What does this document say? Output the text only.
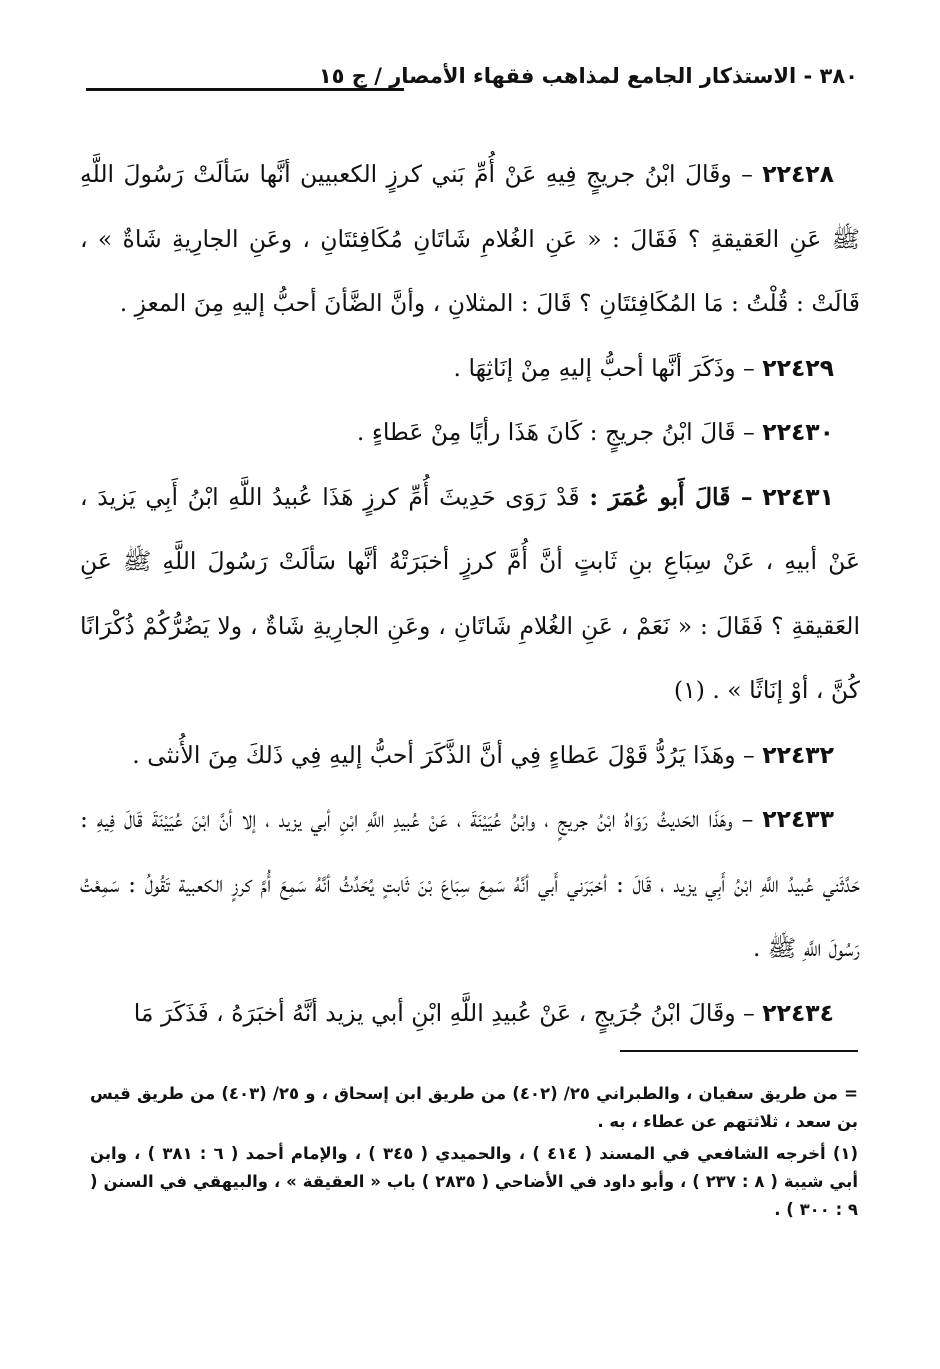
٣٨٠ - الاستذكار الجامع لمذاهب فقهاء الأمصار / ج ١٥

٢٢٤٢٨ – وقَالَ ابْنُ جريجٍ فِيهِ عَنْ أُمِّ بَني كرزٍ الكعبيين أنَّها سَألَتْ رَسُولَ اللَّهِ ﷺ عَنِ العَقيقةِ ؟ فَقَالَ : « عَنِ الغُلامِ شَاتَانِ مُكَافِئتَانِ ، وعَنِ الجارِيةِ شَاةٌ » ، قَالَتْ : قُلْتُ : مَا المُكَافِئتَانِ ؟ قَالَ : المثلانِ ، وأنَّ الضَّأنَ أحبُّ إليهِ مِنَ المعزِ .

٢٢٤٢٩ – وذَكَرَ أنَّها أحبُّ إليهِ مِنْ إنَاثِهَا .

٢٢٤٣٠ – قَالَ ابْنُ جريجٍ : كَانَ هَذَا رأيًا مِنْ عَطاءٍ .

٢٢٤٣١ – قَالَ أَبو عُمَرَ : قَدْ رَوَى حَدِيثَ أُمِّ كرزٍ هَذَا عُبيدُ اللَّهِ ابْنُ أَبِي يَزيدَ ، عَنْ أبيهِ ، عَنْ سِبَاعِ بنِ ثَابتٍ أنَّ أُمَّ كرزٍ أخبَرَتْهُ أنَّها سَألَتْ رَسُولَ اللَّهِ ﷺ عَنِ العَقيقةِ ؟ فَقَالَ : « نَعَمْ ، عَنِ الغُلامِ شَاتَانِ ، وعَنِ الجارِيةِ شَاةٌ ، ولا يَضُرُّكُمْ ذُكْرَانًا كُنَّ ، أوْ إنَاثًا » . (١)

٢٢٤٣٢ – وهَذَا يَرُدُّ قَوْلَ عَطاءٍ فِي أنَّ الذَّكَرَ أحبُّ إليهِ فِي ذَلكَ مِنَ الأُنثى .

٢٢٤٣٣ – وهَذَا الحَديثُ رَوَاهُ ابْنُ جريجٍ ، وابْنُ عُيَيْنَةَ ، عَنْ عُبيدِ اللَّهِ ابْنِ أبي يزيد ، إلا أنَّ ابْنَ عُيَيْنَةَ قَالَ فِيهِ : حَدَّثَني عُبيدُ اللَّهِ ابْنُ أَبِي يزيد ، قَالَ : أخبَرَني أَبي أنَّهُ سَمِعَ سِبَاعَ بْنَ ثَابتٍ يُحَدِّثُ أنَّهُ سَمِعَ أُمَّ كرزٍ الكعبية تَقُولُ : سَمِعْتُ رَسُولَ اللَّهِ ﷺ .

٢٢٤٣٤ – وقَالَ ابْنُ جُرَيجٍ ، عَنْ عُبيدِ اللَّهِ ابْنِ أبي يزيد أنَّهُ أخبَرَهُ ، فَذَكَرَ مَا

= من طريق سفيان ، والطبراني ٢٥/ (٤٠٢) من طريق ابن إسحاق ، و ٢٥/ (٤٠٣) من طريق قيس بن سعد ، ثلاثتهم عن عطاء ، به .

(١) أخرجه الشافعي في المسند ( ٤١٤ ) ، والحميدي ( ٣٤٥ ) ، والإمام أحمد ( ٦ : ٣٨١ ) ، وابن أبي شيبة ( ٨ : ٢٣٧ ) ، وأبو داود في الأضاحي ( ٢٨٣٥ ) باب « العقيقة » ، والبيهقي في السنن ( ٩ : ٣٠٠ ) .
